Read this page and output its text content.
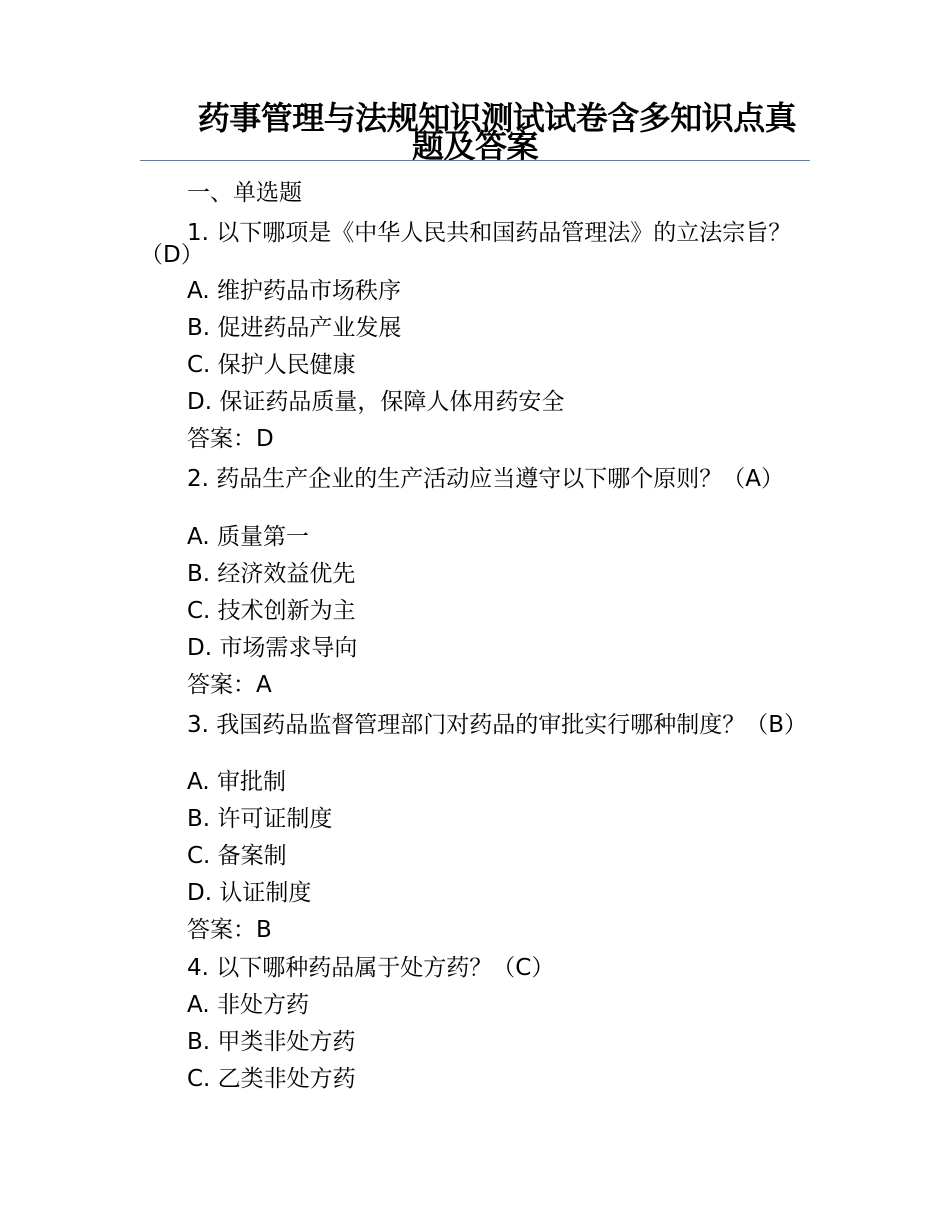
药事管理与法规知识测试试卷含多知识点真题及答案

一、单选题

1. 以下哪项是《中华人民共和国药品管理法》的立法宗旨？（D）

A. 维护药品市场秩序

B. 促进药品产业发展

C. 保护人民健康

D. 保证药品质量，保障人体用药安全

答案：D

2. 药品生产企业的生产活动应当遵守以下哪个原则？（A）

A. 质量第一

B. 经济效益优先

C. 技术创新为主

D. 市场需求导向

答案：A

3. 我国药品监督管理部门对药品的审批实行哪种制度？（B）

A. 审批制

B. 许可证制度

C. 备案制

D. 认证制度

答案：B

4. 以下哪种药品属于处方药？（C）

A. 非处方药

B. 甲类非处方药

C. 乙类非处方药
